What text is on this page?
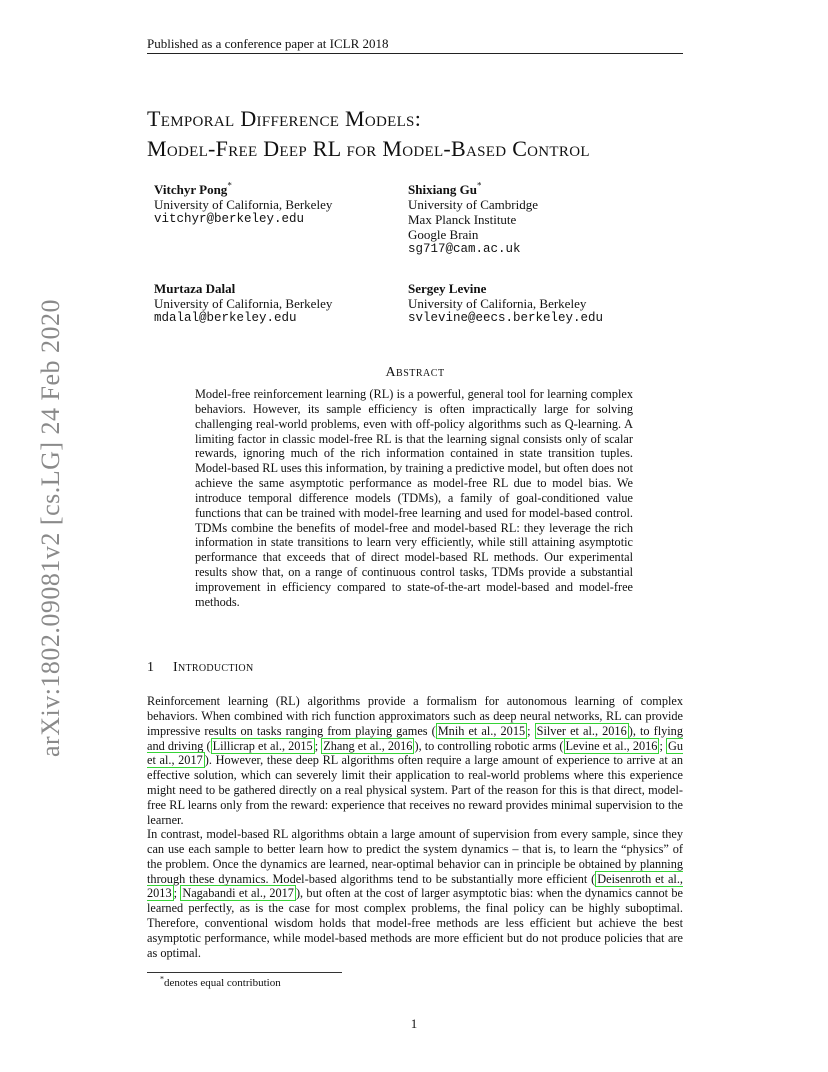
Published as a conference paper at ICLR 2018
Temporal Difference Models:
Model-Free Deep RL for Model-Based Control
Vitchyr Pong*
University of California, Berkeley
vitchyr@berkeley.edu
Shixiang Gu*
University of Cambridge
Max Planck Institute
Google Brain
sg717@cam.ac.uk
Murtaza Dalal
University of California, Berkeley
mdalal@berkeley.edu
Sergey Levine
University of California, Berkeley
svlevine@eecs.berkeley.edu
Abstract
Model-free reinforcement learning (RL) is a powerful, general tool for learning complex behaviors. However, its sample efficiency is often impractically large for solving challenging real-world problems, even with off-policy algorithms such as Q-learning. A limiting factor in classic model-free RL is that the learning signal consists only of scalar rewards, ignoring much of the rich information contained in state transition tuples. Model-based RL uses this information, by training a predictive model, but often does not achieve the same asymptotic performance as model-free RL due to model bias. We introduce temporal difference models (TDMs), a family of goal-conditioned value functions that can be trained with model-free learning and used for model-based control. TDMs combine the benefits of model-free and model-based RL: they leverage the rich information in state transitions to learn very efficiently, while still attaining asymptotic performance that exceeds that of direct model-based RL methods. Our experimental results show that, on a range of continuous control tasks, TDMs provide a substantial improvement in efficiency compared to state-of-the-art model-based and model-free methods.
1 Introduction
Reinforcement learning (RL) algorithms provide a formalism for autonomous learning of complex behaviors. When combined with rich function approximators such as deep neural networks, RL can provide impressive results on tasks ranging from playing games ( Mnih et al., 2015 ; Silver et al., 2016 ), to flying and driving ( Lillicrap et al., 2015 ; Zhang et al., 2016 ), to controlling robotic arms ( Levine et al., 2016 ; Gu et al., 2017 ). However, these deep RL algorithms often require a large amount of experience to arrive at an effective solution, which can severely limit their application to real-world problems where this experience might need to be gathered directly on a real physical system. Part of the reason for this is that direct, model-free RL learns only from the reward: experience that receives no reward provides minimal supervision to the learner.
In contrast, model-based RL algorithms obtain a large amount of supervision from every sample, since they can use each sample to better learn how to predict the system dynamics – that is, to learn the “physics” of the problem. Once the dynamics are learned, near-optimal behavior can in principle be obtained by planning through these dynamics. Model-based algorithms tend to be substantially more efficient ( Deisenroth et al., 2013 ; Nagabandi et al., 2017 ), but often at the cost of larger asymptotic bias: when the dynamics cannot be learned perfectly, as is the case for most complex problems, the final policy can be highly suboptimal. Therefore, conventional wisdom holds that model-free methods are less efficient but achieve the best asymptotic performance, while model-based methods are more efficient but do not produce policies that are as optimal.
*denotes equal contribution
1
arXiv:1802.09081v2 [cs.LG] 24 Feb 2020
